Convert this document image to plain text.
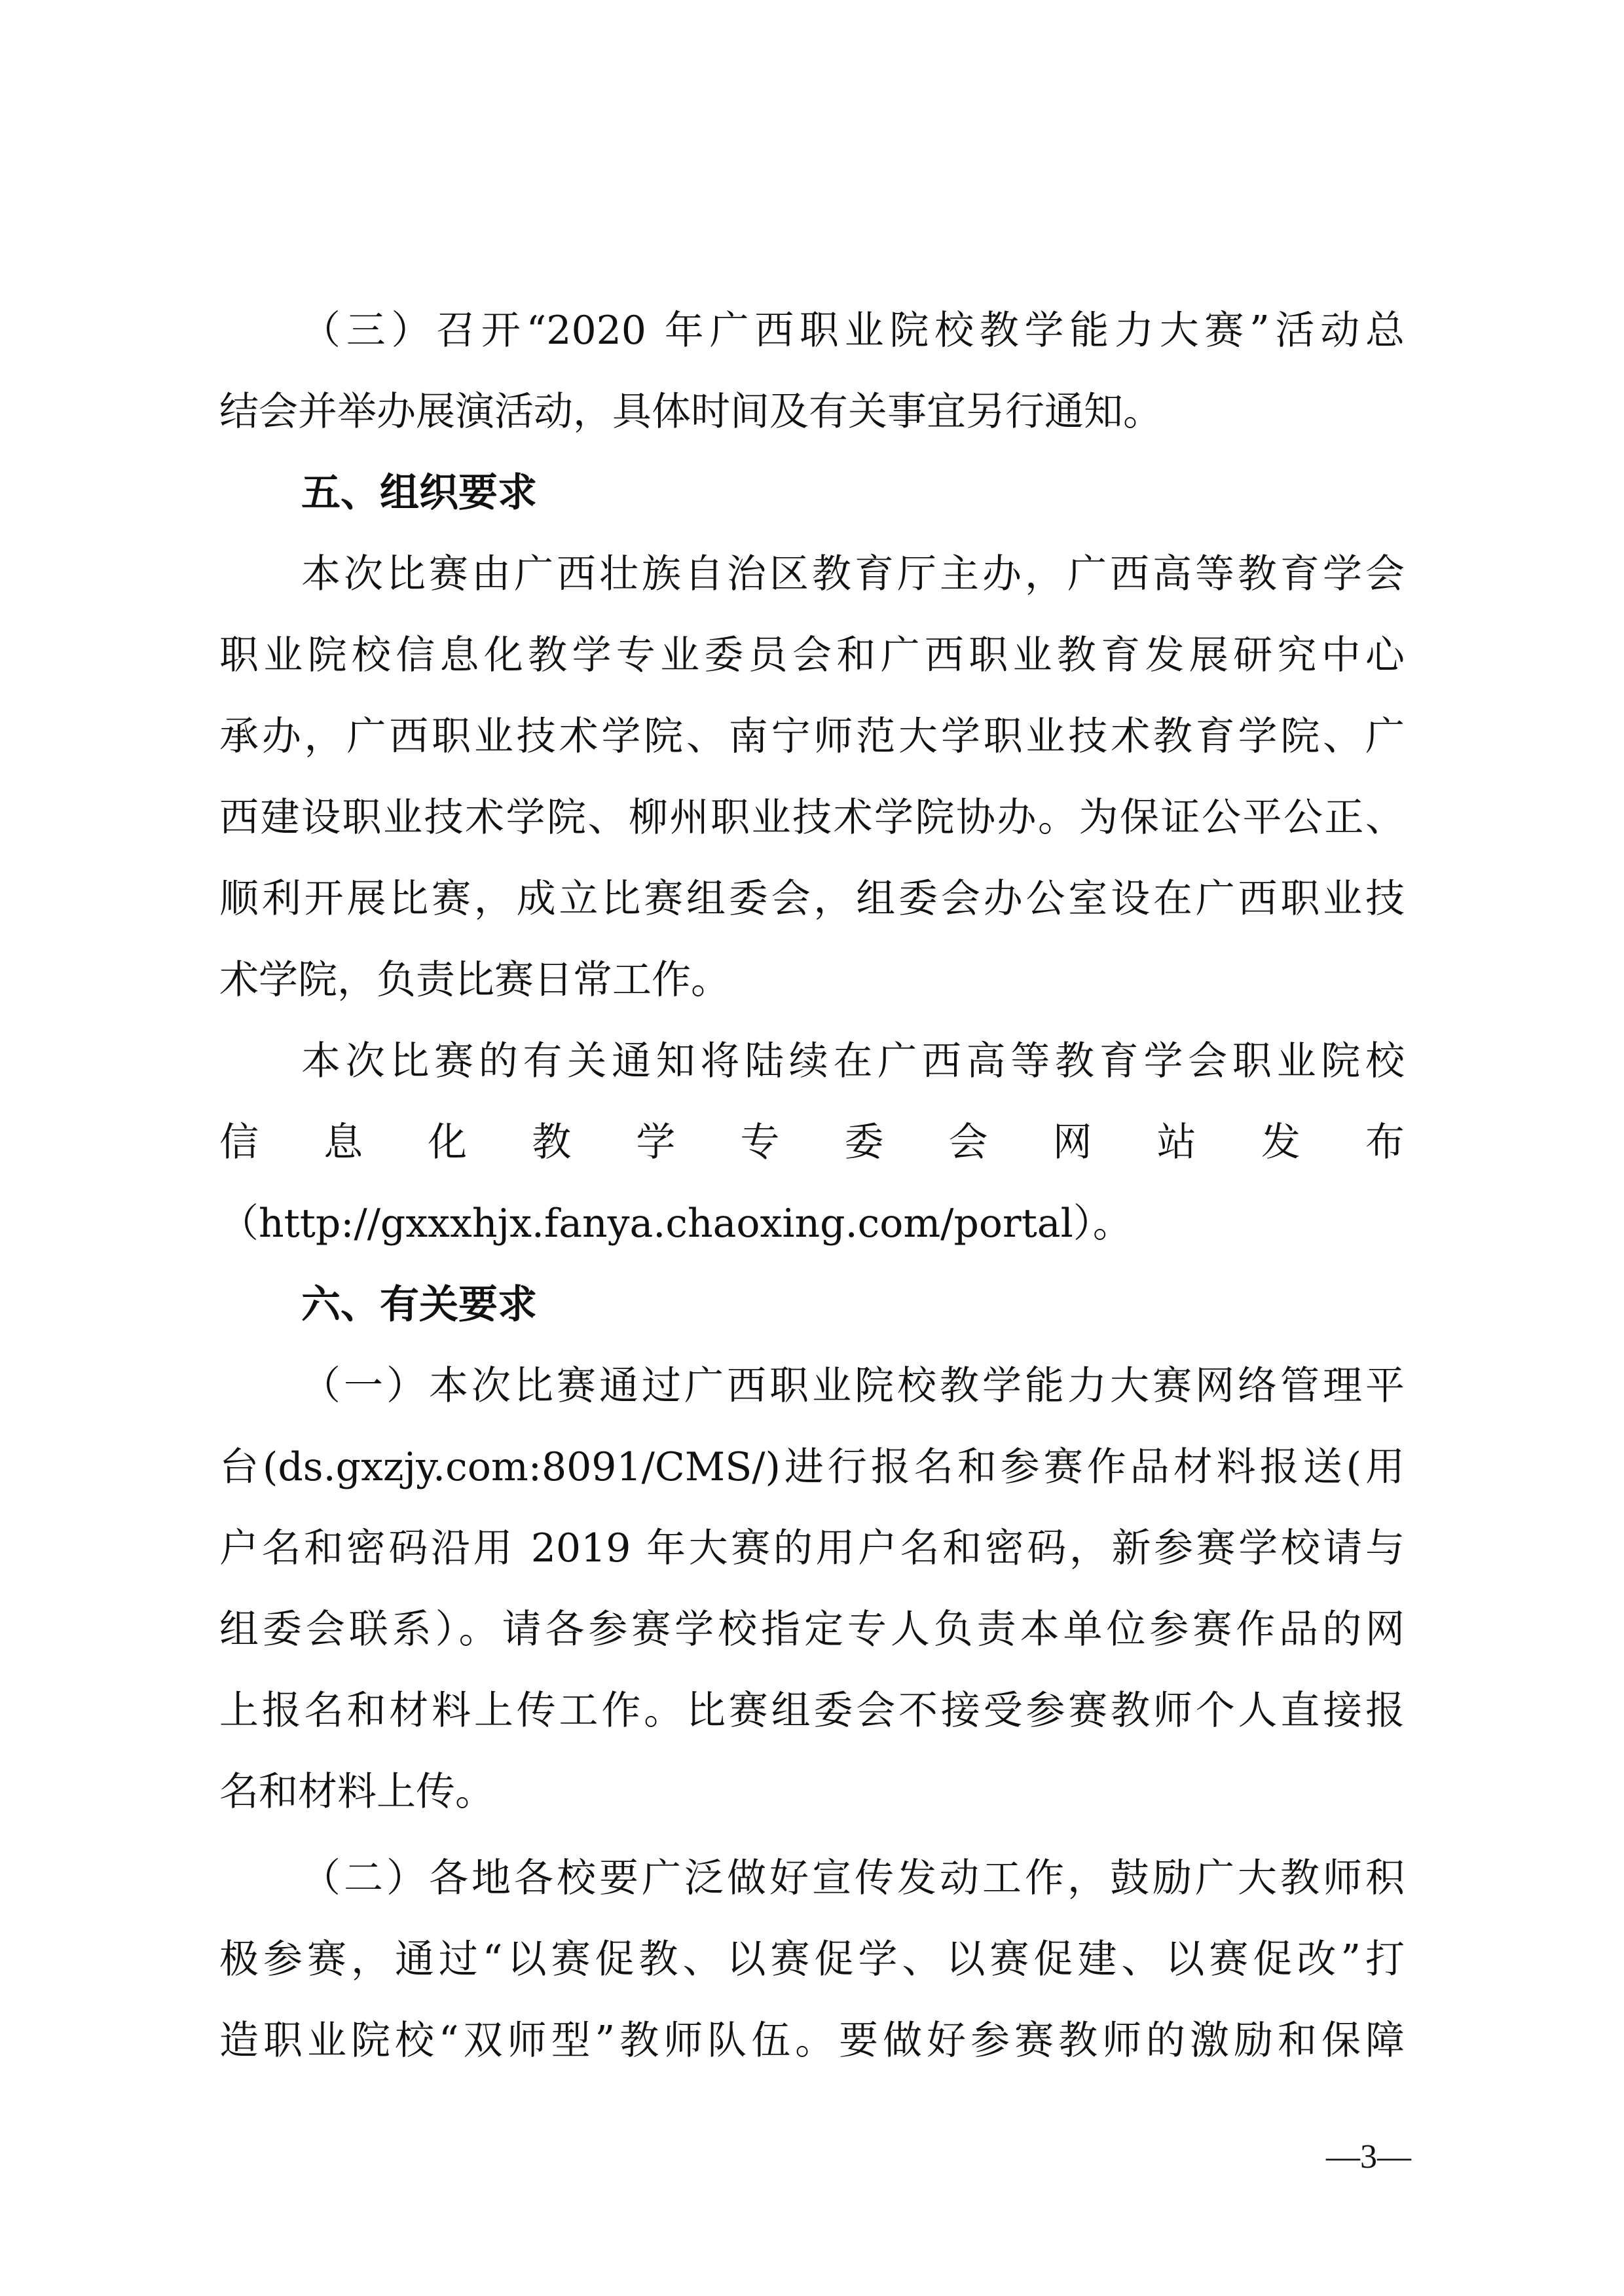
（三）召开“2020 年广西职业院校教学能力大赛”活动总
结会并举办展演活动，具体时间及有关事宜另行通知。
五、组织要求
本次比赛由广西壮族自治区教育厅主办，广西高等教育学会
职业院校信息化教学专业委员会和广西职业教育发展研究中心
承办，广西职业技术学院、南宁师范大学职业技术教育学院、广
西建设职业技术学院、柳州职业技术学院协办。为保证公平公正、
顺利开展比赛，成立比赛组委会，组委会办公室设在广西职业技
术学院，负责比赛日常工作。
本次比赛的有关通知将陆续在广西高等教育学会职业院校
信 息 化 教 学 专 委 会 网 站 发 布
（http://gxxxhjx.fanya.chaoxing.com/portal）。
六、有关要求
（一）本次比赛通过广西职业院校教学能力大赛网络管理平
台(ds.gxzjy.com:8091/CMS/)进行报名和参赛作品材料报送(用
户名和密码沿用 2019 年大赛的用户名和密码，新参赛学校请与
组委会联系）。请各参赛学校指定专人负责本单位参赛作品的网
上报名和材料上传工作。比赛组委会不接受参赛教师个人直接报
名和材料上传。
（二）各地各校要广泛做好宣传发动工作，鼓励广大教师积
极参赛，通过“以赛促教、以赛促学、以赛促建、以赛促改”打
造职业院校“双师型”教师队伍。要做好参赛教师的激励和保障
—3—
